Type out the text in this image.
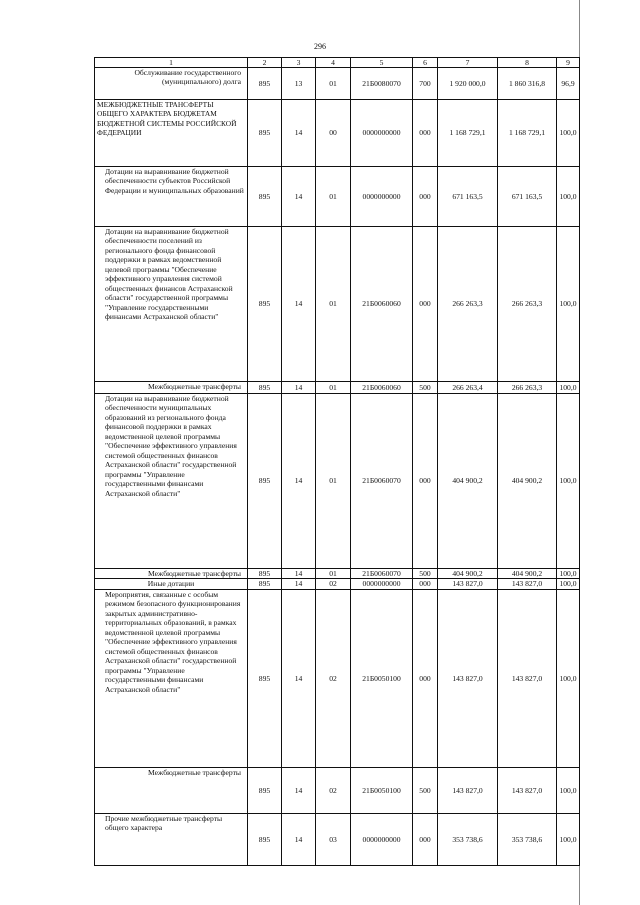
296
1	2	3	4	5	6	7	8	9
Обслуживание государственного (муниципального) долга	895	13	01	21Б0080070	700	1 920 000,0	1 860 316,8	96,9
МЕЖБЮДЖЕТНЫЕ ТРАНСФЕРТЫ ОБЩЕГО ХАРАКТЕРА БЮДЖЕТАМ БЮДЖЕТНОЙ СИСТЕМЫ РОССИЙСКОЙ ФЕДЕРАЦИИ	895	14	00	0000000000	000	1 168 729,1	1 168 729,1	100,0
Дотации на выравнивание бюджетной обеспеченности субъектов Российской Федерации и муниципальных образований	895	14	01	0000000000	000	671 163,5	671 163,5	100,0
Дотации на выравнивание бюджетной обеспеченности поселений из регионального фонда финансовой поддержки в рамках ведомственной целевой программы "Обеспечение эффективного управления системой общественных финансов Астраханской области" государственной программы "Управление государственными финансами Астраханской области"	895	14	01	21Б0060060	000	266 263,3	266 263,3	100,0
Межбюджетные трансферты	895	14	01	21Б0060060	500	266 263,4	266 263,3	100,0
Дотации на выравнивание бюджетной обеспеченности муниципальных образований из регионального фонда финансовой поддержки в рамках ведомственной целевой программы "Обеспечение эффективного управления системой общественных финансов Астраханской области" государственной программы "Управление государственными финансами Астраханской области"	895	14	01	21Б0060070	000	404 900,2	404 900,2	100,0
Межбюджетные трансферты	895	14	01	21Б0060070	500	404 900,2	404 900,2	100,0
Иные дотации	895	14	02	0000000000	000	143 827,0	143 827,0	100,0
Мероприятия, связанные с особым режимом безопасного функционирования закрытых административно-территориальных образований, в рамках ведомственной целевой программы "Обеспечение эффективного управления системой общественных финансов Астраханской области" государственной программы "Управление государственными финансами Астраханской области"	895	14	02	21Б0050100	000	143 827,0	143 827,0	100,0
Межбюджетные трансферты	895	14	02	21Б0050100	500	143 827,0	143 827,0	100,0
Прочие межбюджетные трансферты общего характера	895	14	03	0000000000	000	353 738,6	353 738,6	100,0
